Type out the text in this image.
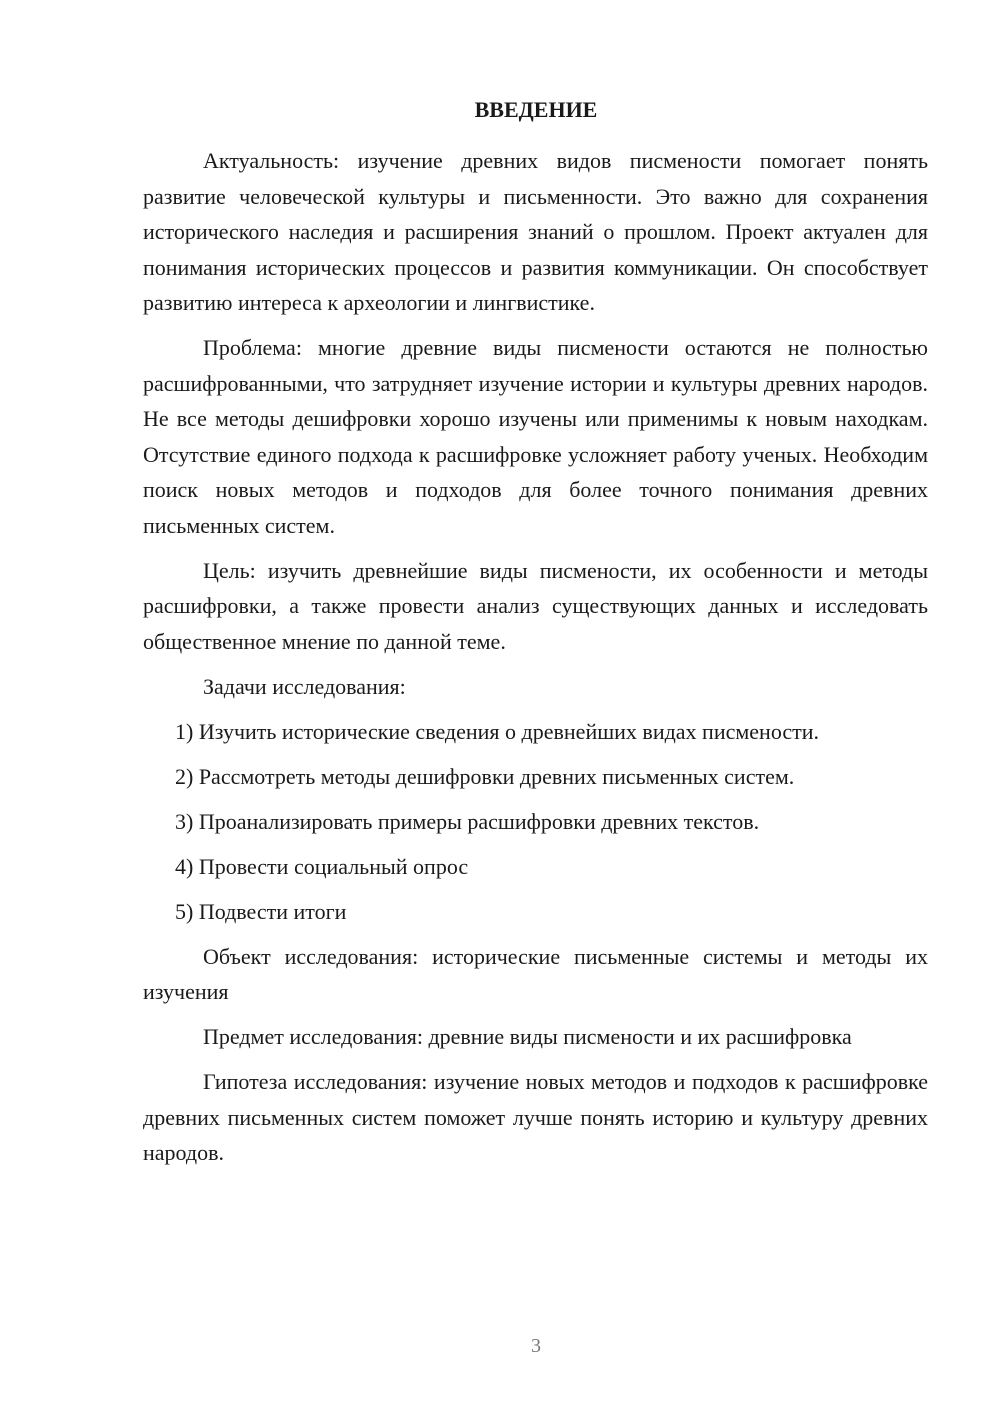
ВВЕДЕНИЕ

Актуальность: изучение древних видов писмености помогает понять развитие человеческой культуры и письменности. Это важно для сохранения исторического наследия и расширения знаний о прошлом. Проект актуален для понимания исторических процессов и развития коммуникации. Он способствует развитию интереса к археологии и лингвистике.

Проблема: многие древние виды писмености остаются не полностью расшифрованными, что затрудняет изучение истории и культуры древних народов. Не все методы дешифровки хорошо изучены или применимы к новым находкам. Отсутствие единого подхода к расшифровке усложняет работу ученых. Необходим поиск новых методов и подходов для более точного понимания древних письменных систем.

Цель: изучить древнейшие виды писмености, их особенности и методы расшифровки, а также провести анализ существующих данных и исследовать общественное мнение по данной теме.

Задачи исследования:

1) Изучить исторические сведения о древнейших видах писмености.
2) Рассмотреть методы дешифровки древних письменных систем.
3) Проанализировать примеры расшифровки древних текстов.
4) Провести социальный опрос
5) Подвести итоги

Объект исследования: исторические письменные системы и методы их изучения

Предмет исследования: древние виды писмености и их расшифровка

Гипотеза исследования: изучение новых методов и подходов к расшифровке древних письменных систем поможет лучше понять историю и культуру древних народов.

3
